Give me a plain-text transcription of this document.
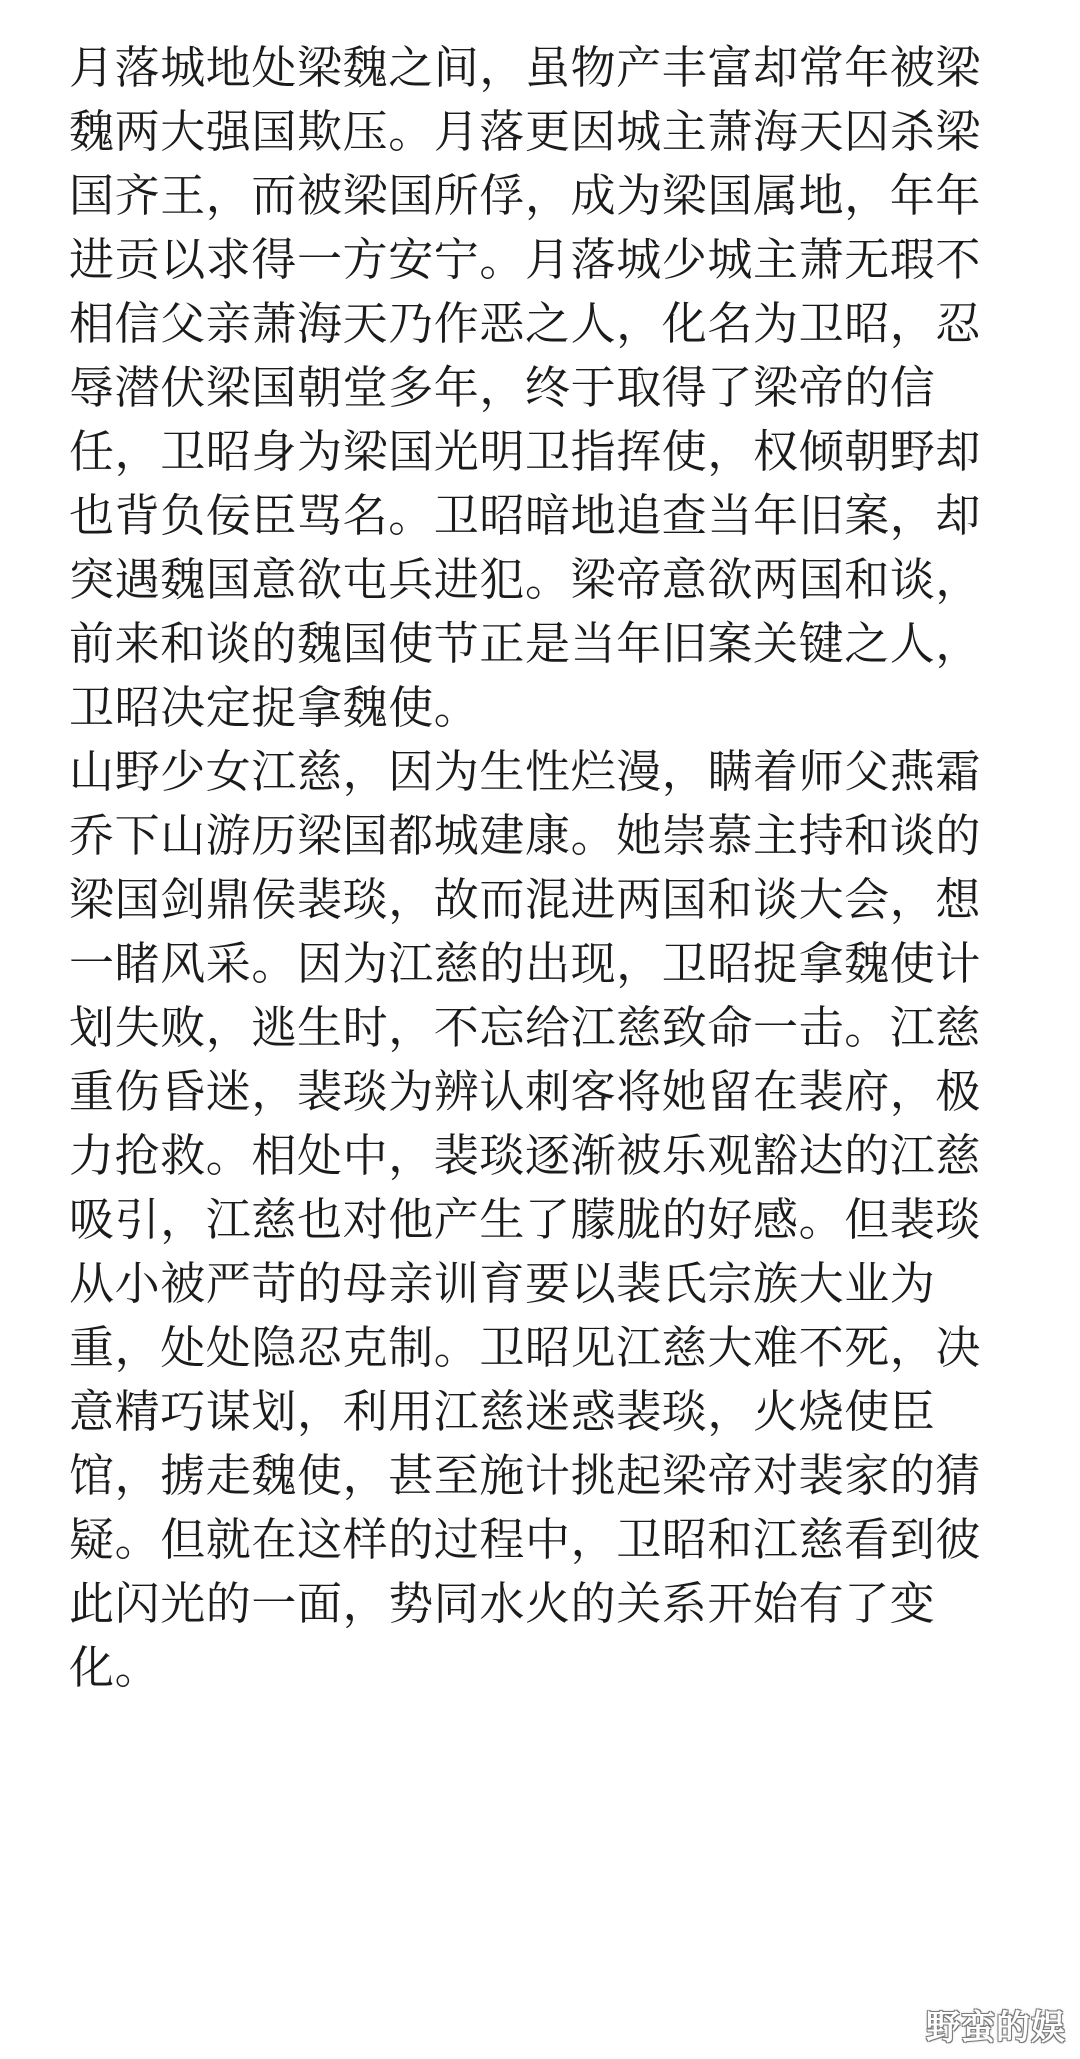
月落城地处梁魏之间，虽物产丰富却常年被梁
魏两大强国欺压。月落更因城主萧海天囚杀梁
国齐王，而被梁国所俘，成为梁国属地，年年
进贡以求得一方安宁。月落城少城主萧无瑕不
相信父亲萧海天乃作恶之人，化名为卫昭，忍
辱潜伏梁国朝堂多年，终于取得了梁帝的信
任，卫昭身为梁国光明卫指挥使，权倾朝野却
也背负佞臣骂名。卫昭暗地追查当年旧案，却
突遇魏国意欲屯兵进犯。梁帝意欲两国和谈，
前来和谈的魏国使节正是当年旧案关键之人，
卫昭决定捉拿魏使。
山野少女江慈，因为生性烂漫，瞒着师父燕霜
乔下山游历梁国都城建康。她崇慕主持和谈的
梁国剑鼎侯裴琰，故而混进两国和谈大会，想
一睹风采。因为江慈的出现，卫昭捉拿魏使计
划失败，逃生时，不忘给江慈致命一击。江慈
重伤昏迷，裴琰为辨认刺客将她留在裴府，极
力抢救。相处中，裴琰逐渐被乐观豁达的江慈
吸引，江慈也对他产生了朦胧的好感。但裴琰
从小被严苛的母亲训育要以裴氏宗族大业为
重，处处隐忍克制。卫昭见江慈大难不死，决
意精巧谋划，利用江慈迷惑裴琰，火烧使臣
馆，掳走魏使，甚至施计挑起梁帝对裴家的猜
疑。但就在这样的过程中，卫昭和江慈看到彼
此闪光的一面，势同水火的关系开始有了变
化。
野蛮的娱
